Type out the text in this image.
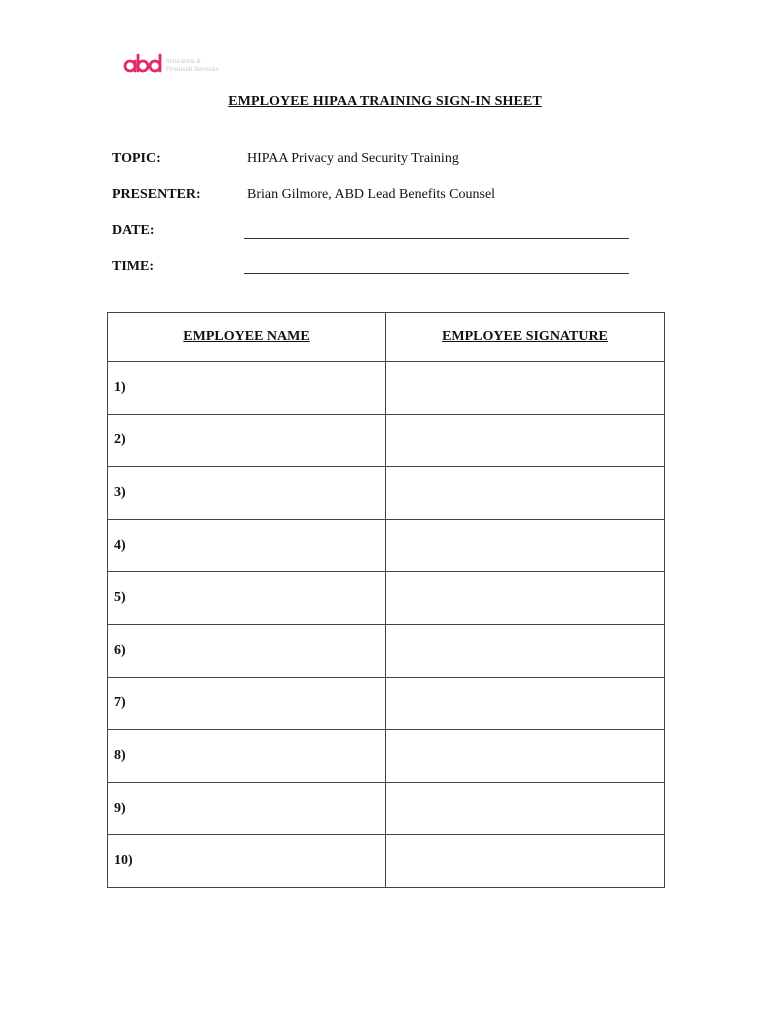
Insurance &
Financial Services
EMPLOYEE HIPAA TRAINING SIGN-IN SHEET
TOPIC:	HIPAA Privacy and Security Training
PRESENTER:	Brian Gilmore, ABD Lead Benefits Counsel
DATE:
TIME:
EMPLOYEE NAME	EMPLOYEE SIGNATURE
1)	
2)	
3)	
4)	
5)	
6)	
7)	
8)	
9)	
10)	
